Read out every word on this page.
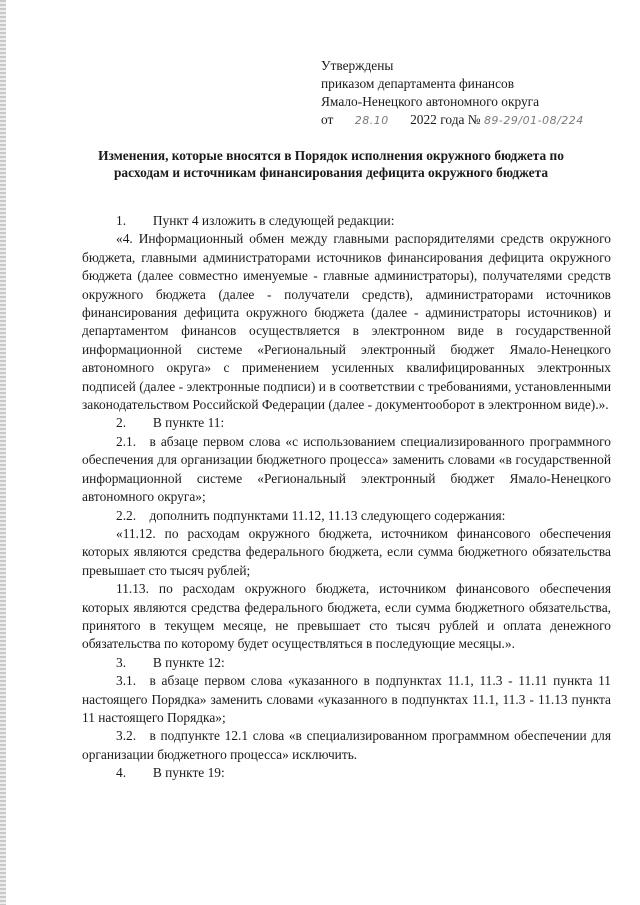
Утверждены
приказом департамента финансов
Ямало-Ненецкого автономного округа
от 28.10 2022 года № 89-29/01-08/224
Изменения, которые вносятся в Порядок исполнения окружного бюджета по расходам и источникам финансирования дефицита окружного бюджета

1.  Пункт 4 изложить в следующей редакции:

«4. Информационный обмен между главными распорядителями средств окружного бюджета, главными администраторами источников финансирования дефицита окружного бюджета (далее совместно именуемые - главные администраторы), получателями средств окружного бюджета (далее - получатели средств), администраторами источников финансирования дефицита окружного бюджета (далее - администраторы источников) и департаментом финансов осуществляется в электронном виде в государственной информационной системе «Региональный электронный бюджет Ямало-Ненецкого автономного округа» с применением усиленных квалифицированных электронных подписей (далее - электронные подписи) и в соответствии с требованиями, установленными законодательством Российской Федерации (далее - документооборот в электронном виде).».

2.  В пункте 11:

2.1. в абзаце первом слова «с использованием специализированного программного обеспечения для организации бюджетного процесса» заменить словами «в государственной информационной системе «Региональный электронный бюджет Ямало-Ненецкого автономного округа»;

2.2. дополнить подпунктами 11.12, 11.13 следующего содержания:

«11.12. по расходам окружного бюджета, источником финансового обеспечения которых являются средства федерального бюджета, если сумма бюджетного обязательства превышает сто тысяч рублей;

11.13. по расходам окружного бюджета, источником финансового обеспечения которых являются средства федерального бюджета, если сумма бюджетного обязательства, принятого в текущем месяце, не превышает сто тысяч рублей и оплата денежного обязательства по которому будет осуществляться в последующие месяцы.».

3.  В пункте 12:

3.1. в абзаце первом слова «указанного в подпунктах 11.1, 11.3 - 11.11 пункта 11 настоящего Порядка» заменить словами «указанного в подпунктах 11.1, 11.3 - 11.13 пункта 11 настоящего Порядка»;

3.2. в подпункте 12.1 слова «в специализированном программном обеспечении для организации бюджетного процесса» исключить.

4.  В пункте 19:
